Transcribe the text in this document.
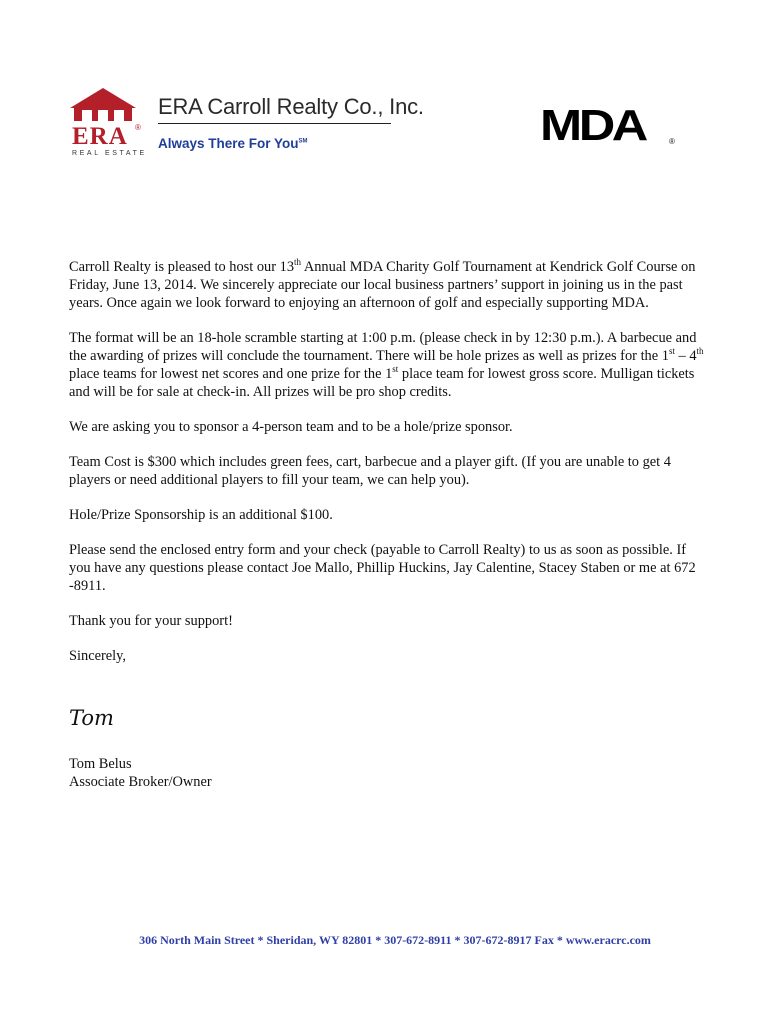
ERA ®
REAL ESTATE
ERA Carroll Realty Co., Inc.
Always There For You℠	MDA	®

Carroll Realty is pleased to host our 13th Annual MDA Charity Golf Tournament at Kendrick Golf Course on Friday, June 13, 2014. We sincerely appreciate our local business partners’ support in joining us in the past years. Once again we look forward to enjoying an afternoon of golf and especially supporting MDA.

The format will be an 18-hole scramble starting at 1:00 p.m. (please check in by 12:30 p.m.). A barbecue and the awarding of prizes will conclude the tournament. There will be hole prizes as well as prizes for the 1st – 4th place teams for lowest net scores and one prize for the 1st place team for lowest gross score. Mulligan tickets and will be for sale at check-in. All prizes will be pro shop credits.

We are asking you to sponsor a 4-person team and to be a hole/prize sponsor.

Team Cost is $300 which includes green fees, cart, barbecue and a player gift. (If you are unable to get 4 players or need additional players to fill your team, we can help you).

Hole/Prize Sponsorship is an additional $100.

Please send the enclosed entry form and your check (payable to Carroll Realty) to us as soon as possible. If you have any questions please contact Joe Mallo, Phillip Huckins, Jay Calentine, Stacey Staben or me at 672 -8911.

Thank you for your support!

Sincerely,

Tom
Tom Belus
Associate Broker/Owner
306 North Main Street * Sheridan, WY 82801 * 307-672-8911 * 307-672-8917 Fax * www.eracrc.com
